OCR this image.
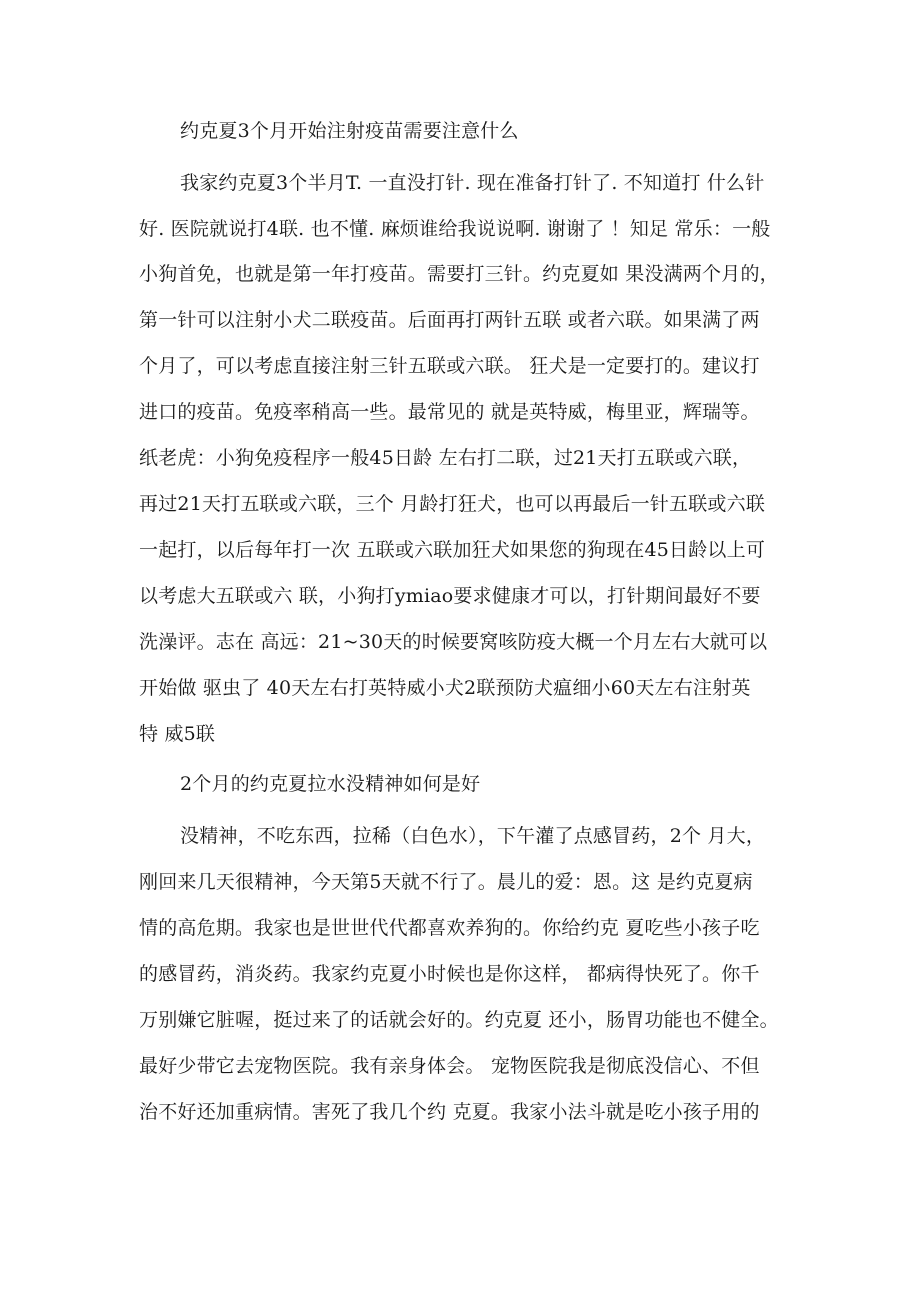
约克夏3个月开始注射疫苗需要注意什么
我家约克夏3个半月T. 一直没打针. 现在准备打针了. 不知道打 什么针
好. 医院就说打4联. 也不懂. 麻烦谁给我说说啊. 谢谢了 ！知足 常乐：一般
小狗首免，也就是第一年打疫苗。需要打三针。约克夏如 果没满两个月的，
第一针可以注射小犬二联疫苗。后面再打两针五联 或者六联。如果满了两
个月了，可以考虑直接注射三针五联或六联。 狂犬是一定要打的。建议打
进口的疫苗。免疫率稍高一些。最常见的 就是英特威，梅里亚，辉瑞等。
纸老虎：小狗免疫程序一般45日龄 左右打二联，过21天打五联或六联，
再过21天打五联或六联，三个 月龄打狂犬，也可以再最后一针五联或六联
一起打，以后每年打一次 五联或六联加狂犬如果您的狗现在45日龄以上可
以考虑大五联或六 联，小狗打ymiao要求健康才可以，打针期间最好不要
洗澡评。志在 高远：21~30天的时候要窝咳防疫大概一个月左右大就可以
开始做 驱虫了 40天左右打英特威小犬2联预防犬瘟细小60天左右注射英
特 威5联
2个月的约克夏拉水没精神如何是好
没精神，不吃东西，拉稀（白色水），下午灌了点感冒药，2个 月大，
刚回来几天很精神，今天第5天就不行了。晨儿的爱：恩。这 是约克夏病
情的高危期。我家也是世世代代都喜欢养狗的。你给约克 夏吃些小孩子吃
的感冒药，消炎药。我家约克夏小时候也是你这样， 都病得快死了。你千
万别嫌它脏喔，挺过来了的话就会好的。约克夏 还小，肠胃功能也不健全。
最好少带它去宠物医院。我有亲身体会。 宠物医院我是彻底没信心、不但
治不好还加重病情。害死了我几个约 克夏。我家小法斗就是吃小孩子用的
